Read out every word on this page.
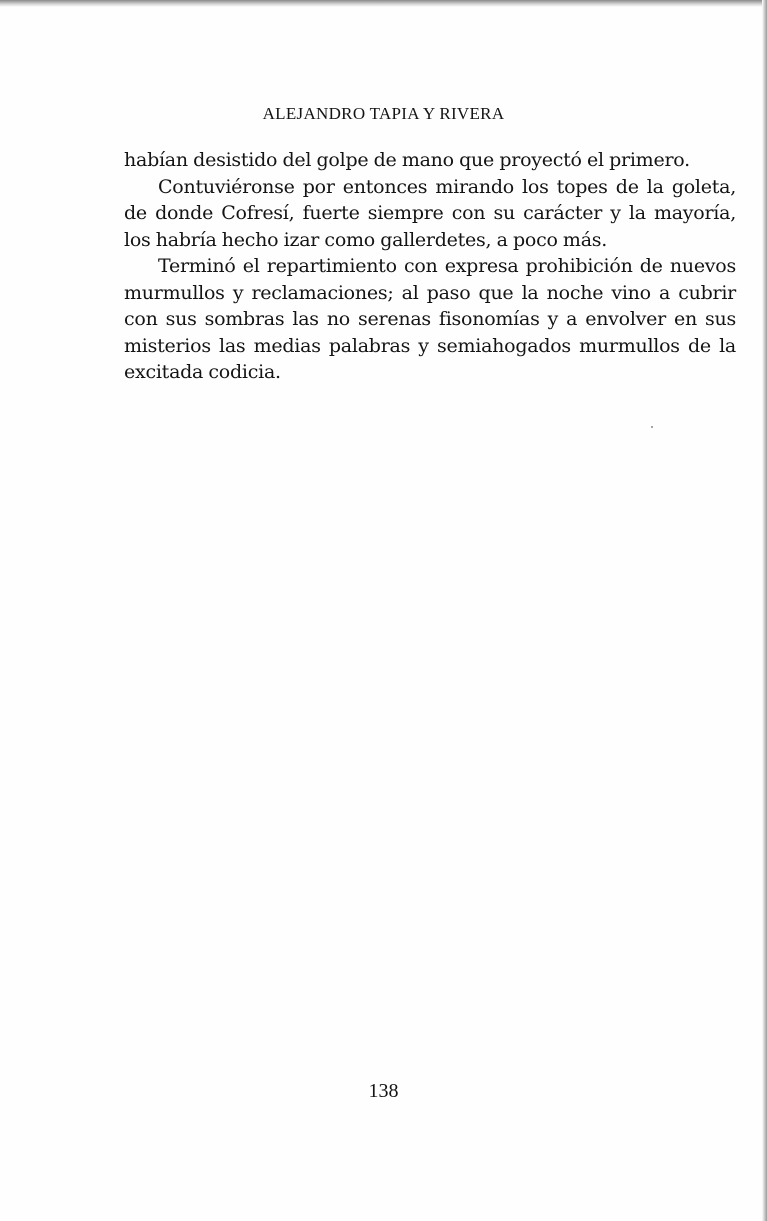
ALEJANDRO TAPIA Y RIVERA

habían desistido del golpe de mano que proyectó el primero.

Contuviéronse por entonces mirando los topes de la goleta, de donde Cofresí, fuerte siempre con su carácter y la mayoría, los habría hecho izar como gallerdetes, a poco más.

Terminó el repartimiento con expresa prohibición de nuevos murmullos y reclamaciones; al paso que la noche vino a cubrir con sus sombras las no serenas fisonomías y a envolver en sus misterios las medias palabras y semiahogados murmullos de la excitada codicia.

138
